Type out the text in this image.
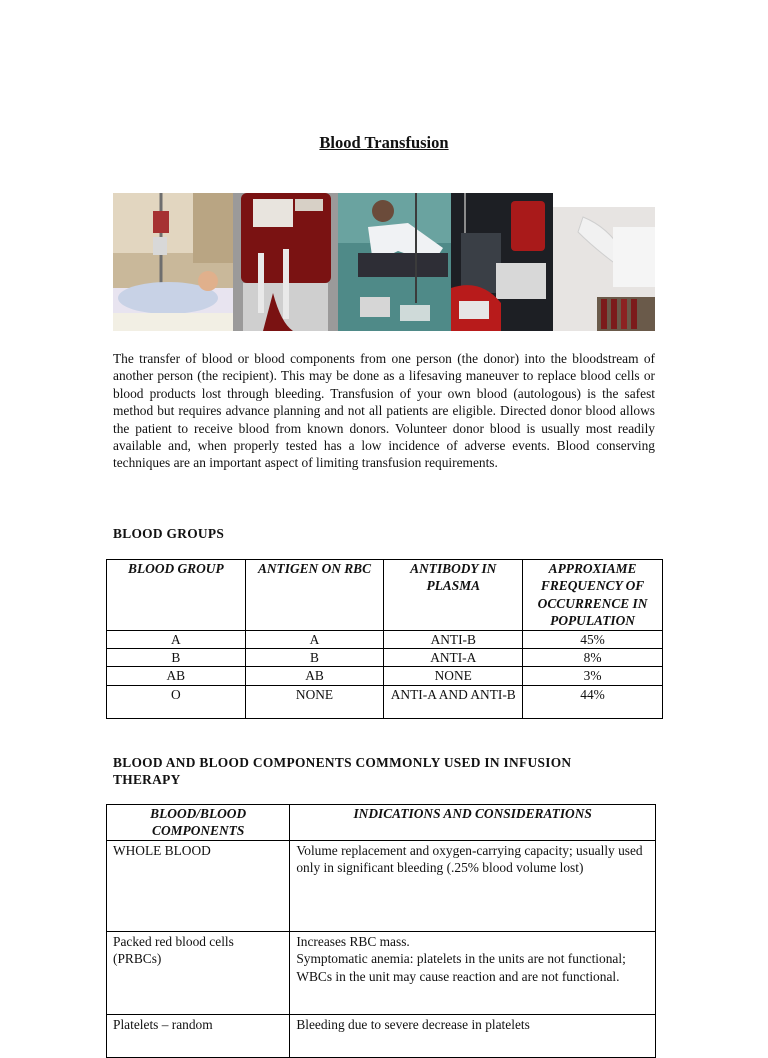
Blood Transfusion

The transfer of blood or blood components from one person (the donor) into the bloodstream of another person (the recipient). This may be done as a lifesaving maneuver to replace blood cells or blood products lost through bleeding. Transfusion of your own blood (autologous) is the safest method but requires advance planning and not all patients are eligible. Directed donor blood allows the patient to receive blood from known donors. Volunteer donor blood is usually most readily available and, when properly tested has a low incidence of adverse events. Blood conserving techniques are an important aspect of limiting transfusion requirements.

BLOOD GROUPS

BLOOD GROUP	ANTIGEN ON RBC	ANTIBODY IN PLASMA	APPROXIAME FREQUENCY OF OCCURRENCE IN POPULATION
A	A	ANTI-B	45%
B	B	ANTI-A	8%
AB	AB	NONE	3%
O	NONE	ANTI-A AND ANTI-B	44%

BLOOD AND BLOOD COMPONENTS COMMONLY USED IN INFUSION THERAPY

BLOOD/BLOOD COMPONENTS	INDICATIONS AND CONSIDERATIONS
WHOLE BLOOD	Volume replacement and oxygen-carrying capacity; usually used only in significant bleeding (.25% blood volume lost)

Packed red blood cells (PRBCs)	Increases RBC mass.
Symptomatic anemia: platelets in the units are not functional; WBCs in the unit may cause reaction and are not functional.

Platelets – random	Bleeding due to severe decrease in platelets
